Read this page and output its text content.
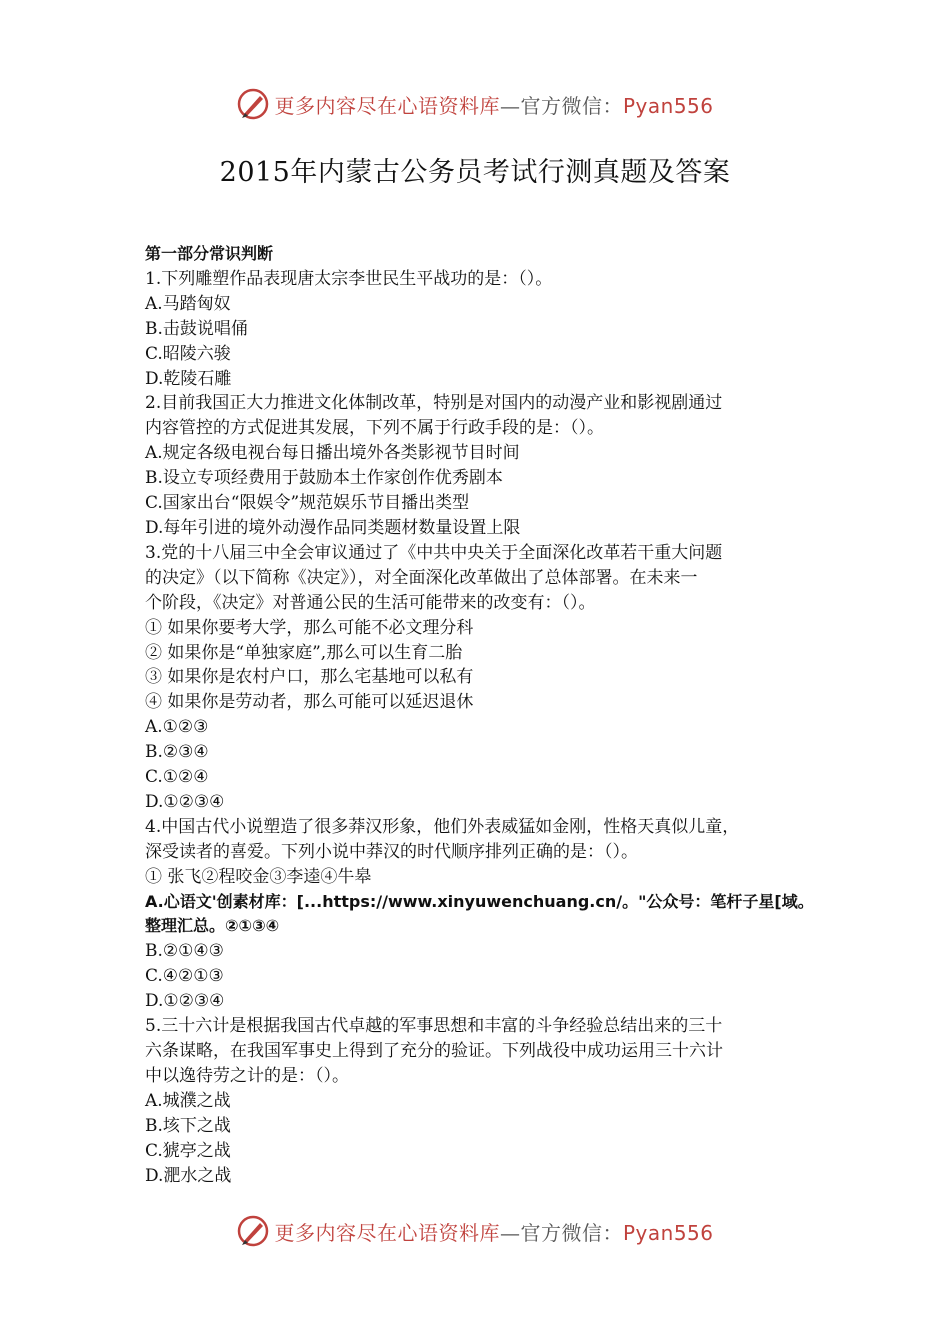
更多内容尽在心语资料库—官方微信：Pyan556
2015年内蒙古公务员考试行测真题及答案
第一部分常识判断
1.下列雕塑作品表现唐太宗李世民生平战功的是：（）。
A.马踏匈奴
B.击鼓说唱俑
C.昭陵六骏
D.乾陵石雕
2.目前我国正大力推进文化体制改革，特别是对国内的动漫产业和影视剧通过
内容管控的方式促进其发展，下列不属于行政手段的是：（）。
A.规定各级电视台每日播出境外各类影视节目时间
B.设立专项经费用于鼓励本土作家创作优秀剧本
C.国家出台“限娱令”规范娱乐节目播出类型
D.每年引进的境外动漫作品同类题材数量设置上限
3.党的十八届三中全会审议通过了《中共中央关于全面深化改革若干重大问题
的决定》（以下简称《决定》），对全面深化改革做出了总体部署。在未来一
个阶段，《决定》对普通公民的生活可能带来的改变有：（）。
① 如果你要考大学，那么可能不必文理分科
② 如果你是“单独家庭”,那么可以生育二胎
③ 如果你是农村户口，那么宅基地可以私有
④ 如果你是劳动者，那么可能可以延迟退休
A.①②③
B.②③④
C.①②④
D.①②③④
4.中国古代小说塑造了很多莽汉形象，他们外表威猛如金刚，性格天真似儿童，
深受读者的喜爱。下列小说中莽汉的时代顺序排列正确的是：（）。
① 张飞②程咬金③李逵④牛皋
A.心语文'创素材库：[...https://www.xinyuwenchuang.cn/。"公众号：笔杆子星[域。
整理汇总。②①③④
B.②①④③
C.④②①③
D.①②③④
5.三十六计是根据我国古代卓越的军事思想和丰富的斗争经验总结出来的三十
六条谋略，在我国军事史上得到了充分的验证。下列战役中成功运用三十六计
中以逸待劳之计的是：（）。
A.城濮之战
B.垓下之战
C.猇亭之战
D.淝水之战
更多内容尽在心语资料库—官方微信：Pyan556
